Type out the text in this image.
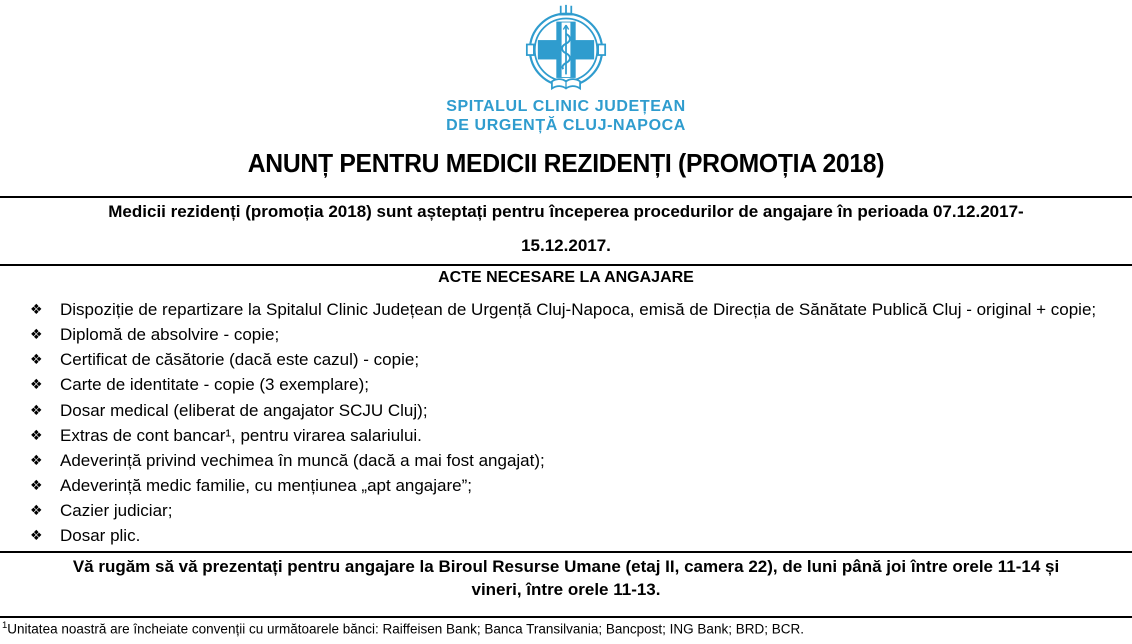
SPITALUL CLINIC JUDEȚEAN
DE URGENȚĂ CLUJ-NAPOCA
ANUNȚ PENTRU MEDICII REZIDENȚI (PROMOȚIA 2018)
Medicii rezidenți (promoția 2018) sunt așteptați pentru începerea procedurilor de angajare în perioada 07.12.2017-
15.12.2017.
ACTE NECESARE LA ANGAJARE
❖ Dispoziție de repartizare la Spitalul Clinic Județean de Urgență Cluj-Napoca, emisă de Direcția de Sănătate Publică Cluj - original + copie;
❖ Diplomă de absolvire - copie;
❖ Certificat de căsătorie (dacă este cazul) - copie;
❖ Carte de identitate - copie (3 exemplare);
❖ Dosar medical (eliberat de angajator SCJU Cluj);
❖ Extras de cont bancar¹, pentru virarea salariului.
❖ Adeverință privind vechimea în muncă (dacă a mai fost angajat);
❖ Adeverință medic familie, cu mențiunea „apt angajare”;
❖ Cazier judiciar;
❖ Dosar plic.
Vă rugăm să vă prezentați pentru angajare la Biroul Resurse Umane (etaj II, camera 22), de luni până joi între orele 11-14 și
vineri, între orele 11-13.
$^1$Unitatea noastră are încheiate convenții cu următoarele bănci: Raiffeisen Bank; Banca Transilvania; Bancpost; ING Bank; BRD; BCR.
